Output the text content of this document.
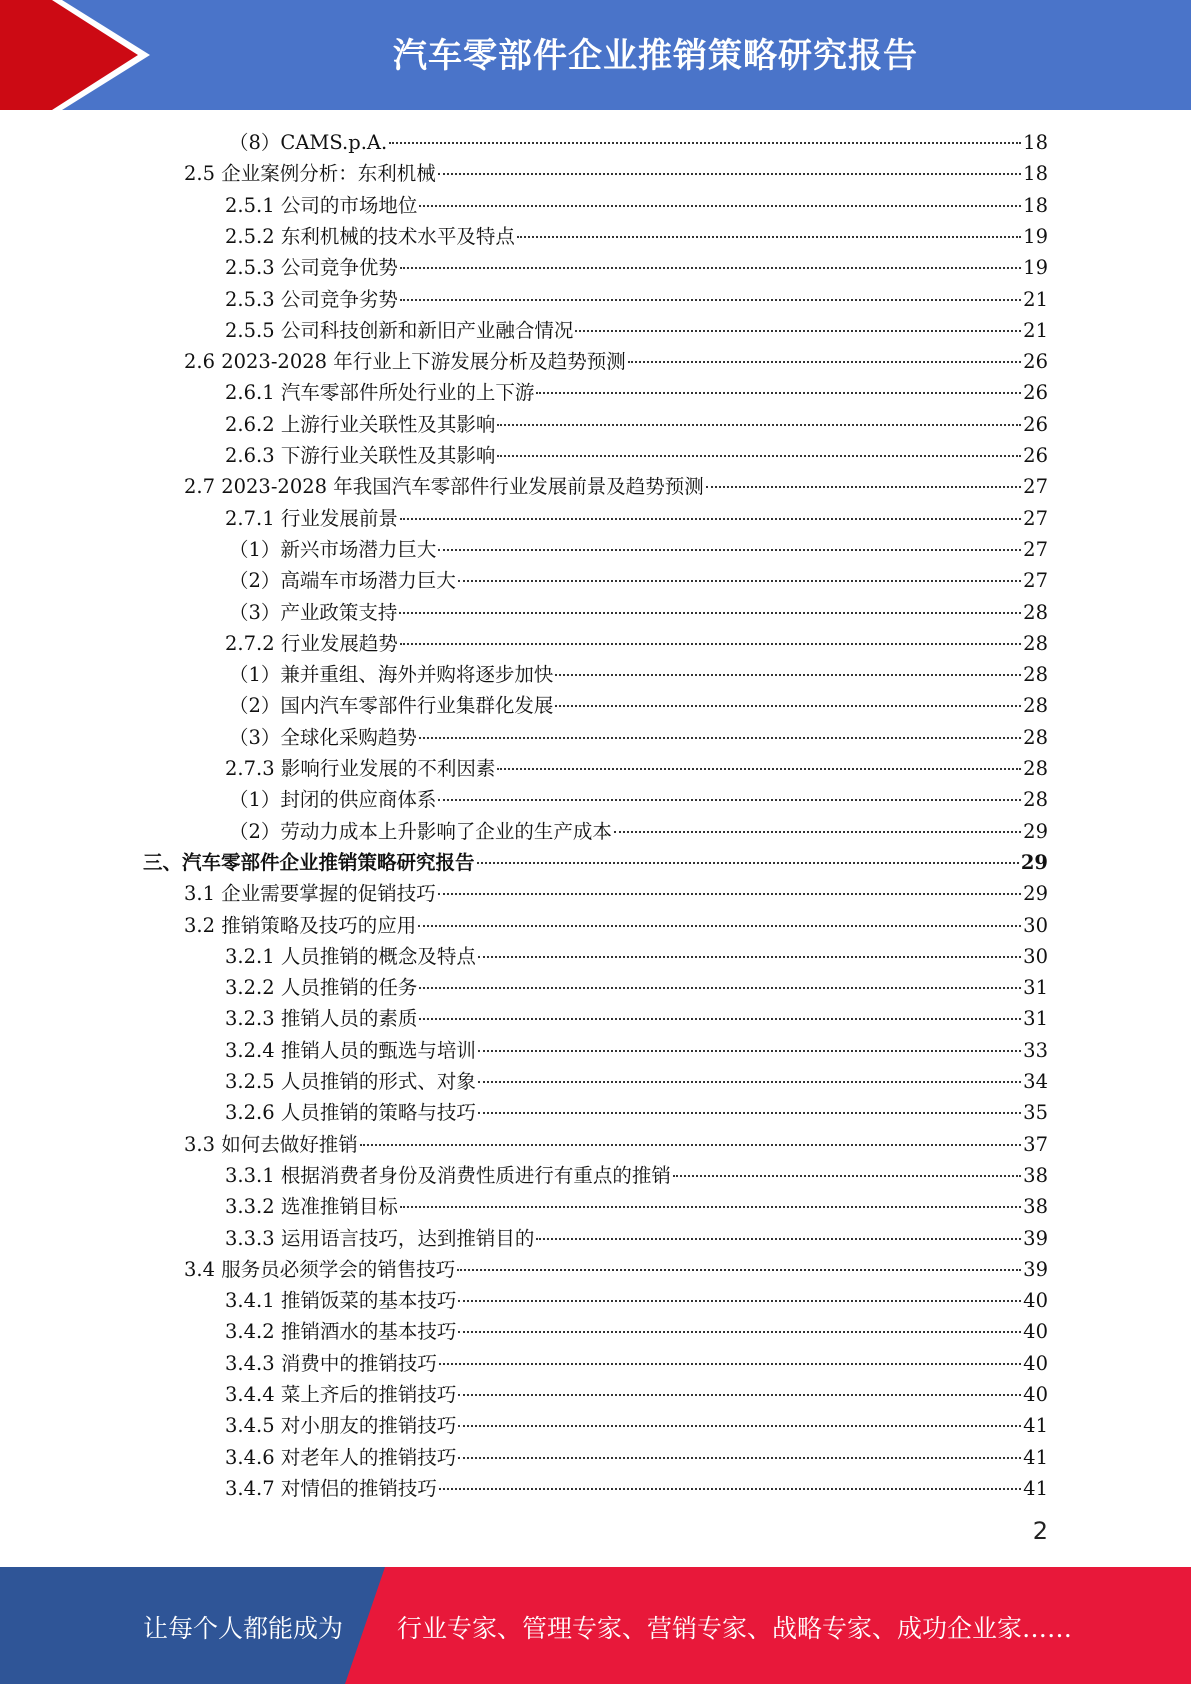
汽车零部件企业推销策略研究报告
（8）CAMS.p.A.	18
2.5 企业案例分析：东利机械	18
2.5.1 公司的市场地位	18
2.5.2 东利机械的技术水平及特点	19
2.5.3 公司竞争优势	19
2.5.3 公司竞争劣势	21
2.5.5 公司科技创新和新旧产业融合情况	21
2.6 2023-2028 年行业上下游发展分析及趋势预测	26
2.6.1 汽车零部件所处行业的上下游	26
2.6.2 上游行业关联性及其影响	26
2.6.3 下游行业关联性及其影响	26
2.7 2023-2028 年我国汽车零部件行业发展前景及趋势预测	27
2.7.1 行业发展前景	27
（1）新兴市场潜力巨大	27
（2）高端车市场潜力巨大	27
（3）产业政策支持	28
2.7.2 行业发展趋势	28
（1）兼并重组、海外并购将逐步加快	28
（2）国内汽车零部件行业集群化发展	28
（3）全球化采购趋势	28
2.7.3 影响行业发展的不利因素	28
（1）封闭的供应商体系	28
（2）劳动力成本上升影响了企业的生产成本	29
三、汽车零部件企业推销策略研究报告	29
3.1 企业需要掌握的促销技巧	29
3.2 推销策略及技巧的应用	30
3.2.1 人员推销的概念及特点	30
3.2.2 人员推销的任务	31
3.2.3 推销人员的素质	31
3.2.4 推销人员的甄选与培训	33
3.2.5 人员推销的形式、对象	34
3.2.6 人员推销的策略与技巧	35
3.3 如何去做好推销	37
3.3.1 根据消费者身份及消费性质进行有重点的推销	38
3.3.2 选准推销目标	38
3.3.3 运用语言技巧，达到推销目的	39
3.4 服务员必须学会的销售技巧	39
3.4.1 推销饭菜的基本技巧	40
3.4.2 推销酒水的基本技巧	40
3.4.3 消费中的推销技巧	40
3.4.4 菜上齐后的推销技巧	40
3.4.5 对小朋友的推销技巧	41
3.4.6 对老年人的推销技巧	41
3.4.7 对情侣的推销技巧	41
2
让每个人都能成为 行业专家、管理专家、营销专家、战略专家、成功企业家……
